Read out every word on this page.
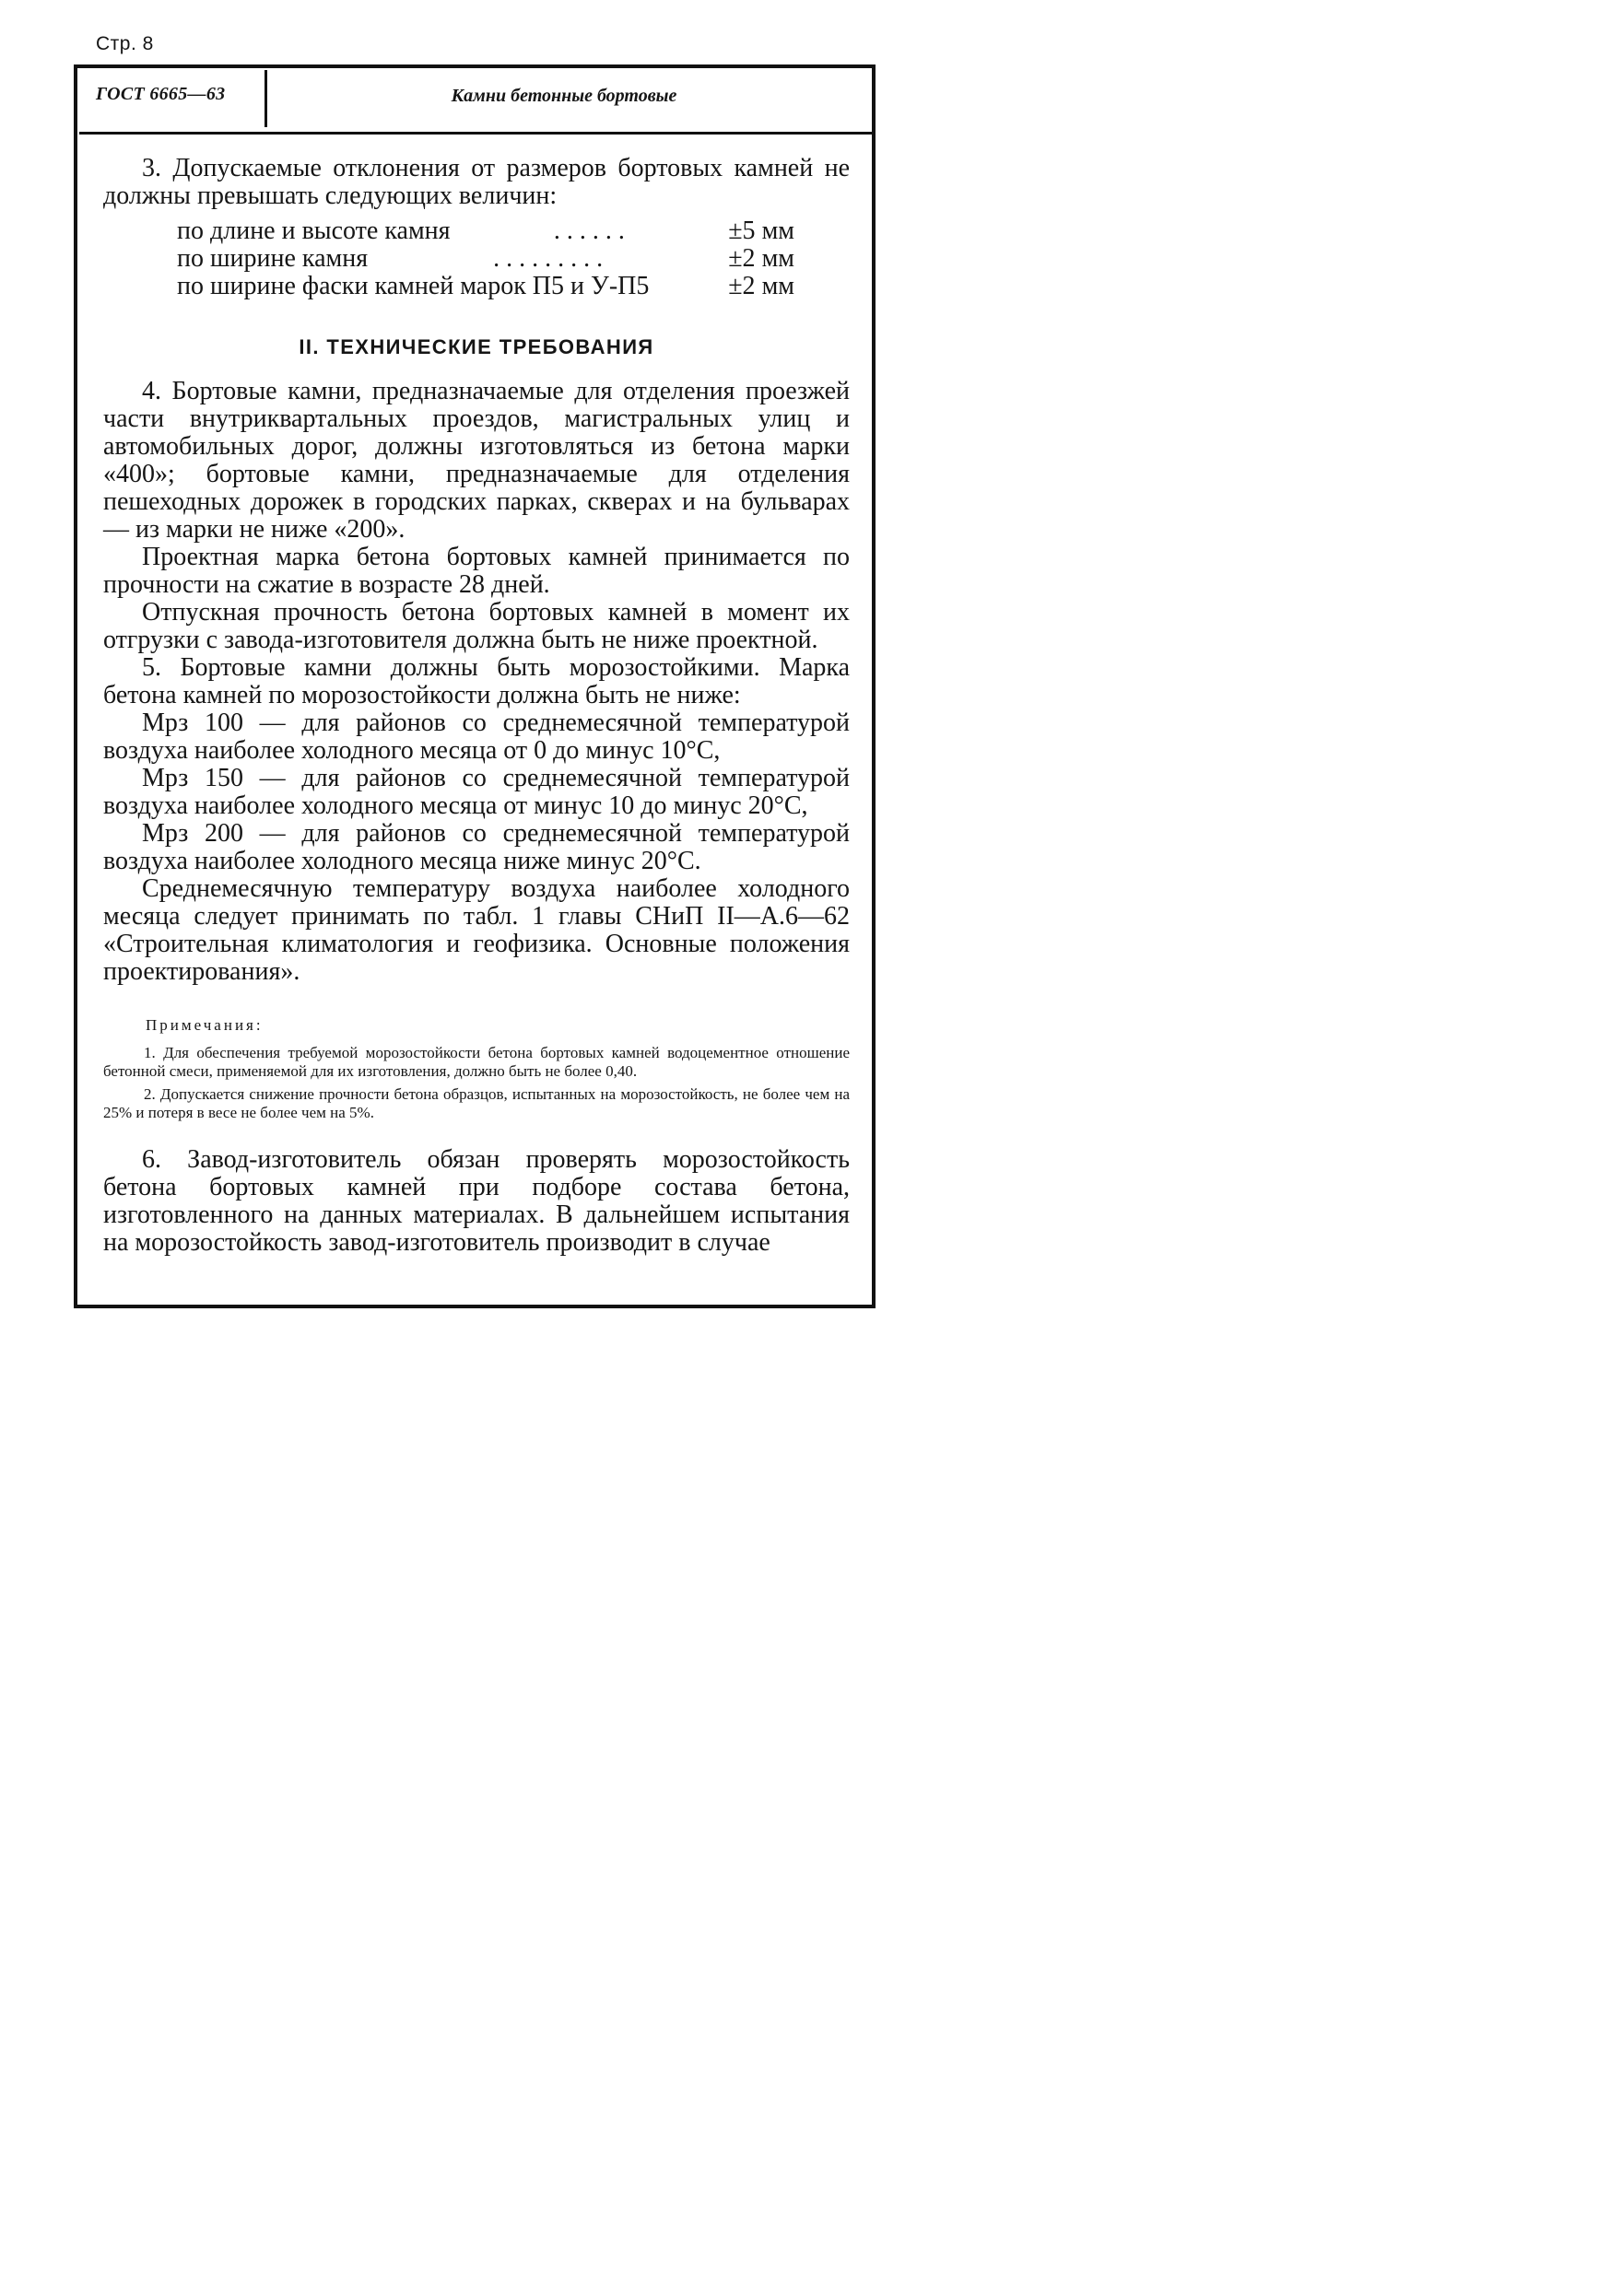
Стр. 8
ГОСТ 6665—63	Камни бетонные бортовые

3. Допускаемые отклонения от размеров бортовых камней не должны превышать следующих величин:

по длине и высоте камня	. . . . . .	±5 мм
по ширине камня	. . . . . . . . .	±2 мм
по ширине фаски камней марок П5 и У-П5	±2 мм
II. ТЕХНИЧЕСКИЕ ТРЕБОВАНИЯ

4. Бортовые камни, предназначаемые для отделения проезжей части внутриквартальных проездов, магистральных улиц и автомобильных дорог, должны изготовляться из бетона марки «400»; бортовые камни, предназначаемые для отделения пешеходных дорожек в городских парках, скверах и на бульварах — из марки не ниже «200».

Проектная марка бетона бортовых камней принимается по прочности на сжатие в возрасте 28 дней.

Отпускная прочность бетона бортовых камней в момент их отгрузки с завода-изготовителя должна быть не ниже проектной.

5. Бортовые камни должны быть морозостойкими. Марка бетона камней по морозостойкости должна быть не ниже:

Мрз 100 — для районов со среднемесячной температурой воздуха наиболее холодного месяца от 0 до минус 10°С,

Мрз 150 — для районов со среднемесячной температурой воздуха наиболее холодного месяца от минус 10 до минус 20°С,

Мрз 200 — для районов со среднемесячной температурой воздуха наиболее холодного месяца ниже минус 20°С.

Среднемесячную температуру воздуха наиболее холодного месяца следует принимать по табл. 1 главы СНиП II—А.6—62 «Строительная климатология и геофизика. Основные положения проектирования».

Примечания:

1. Для обеспечения требуемой морозостойкости бетона бортовых камней водоцементное отношение бетонной смеси, применяемой для их изготовления, должно быть не более 0,40.

2. Допускается снижение прочности бетона образцов, испытанных на морозостойкость, не более чем на 25% и потеря в весе не более чем на 5%.

6. Завод-изготовитель обязан проверять морозостойкость бетона бортовых камней при подборе состава бетона, изготовленного на данных материалах. В дальнейшем испытания на морозостойкость завод-изготовитель производит в случае
